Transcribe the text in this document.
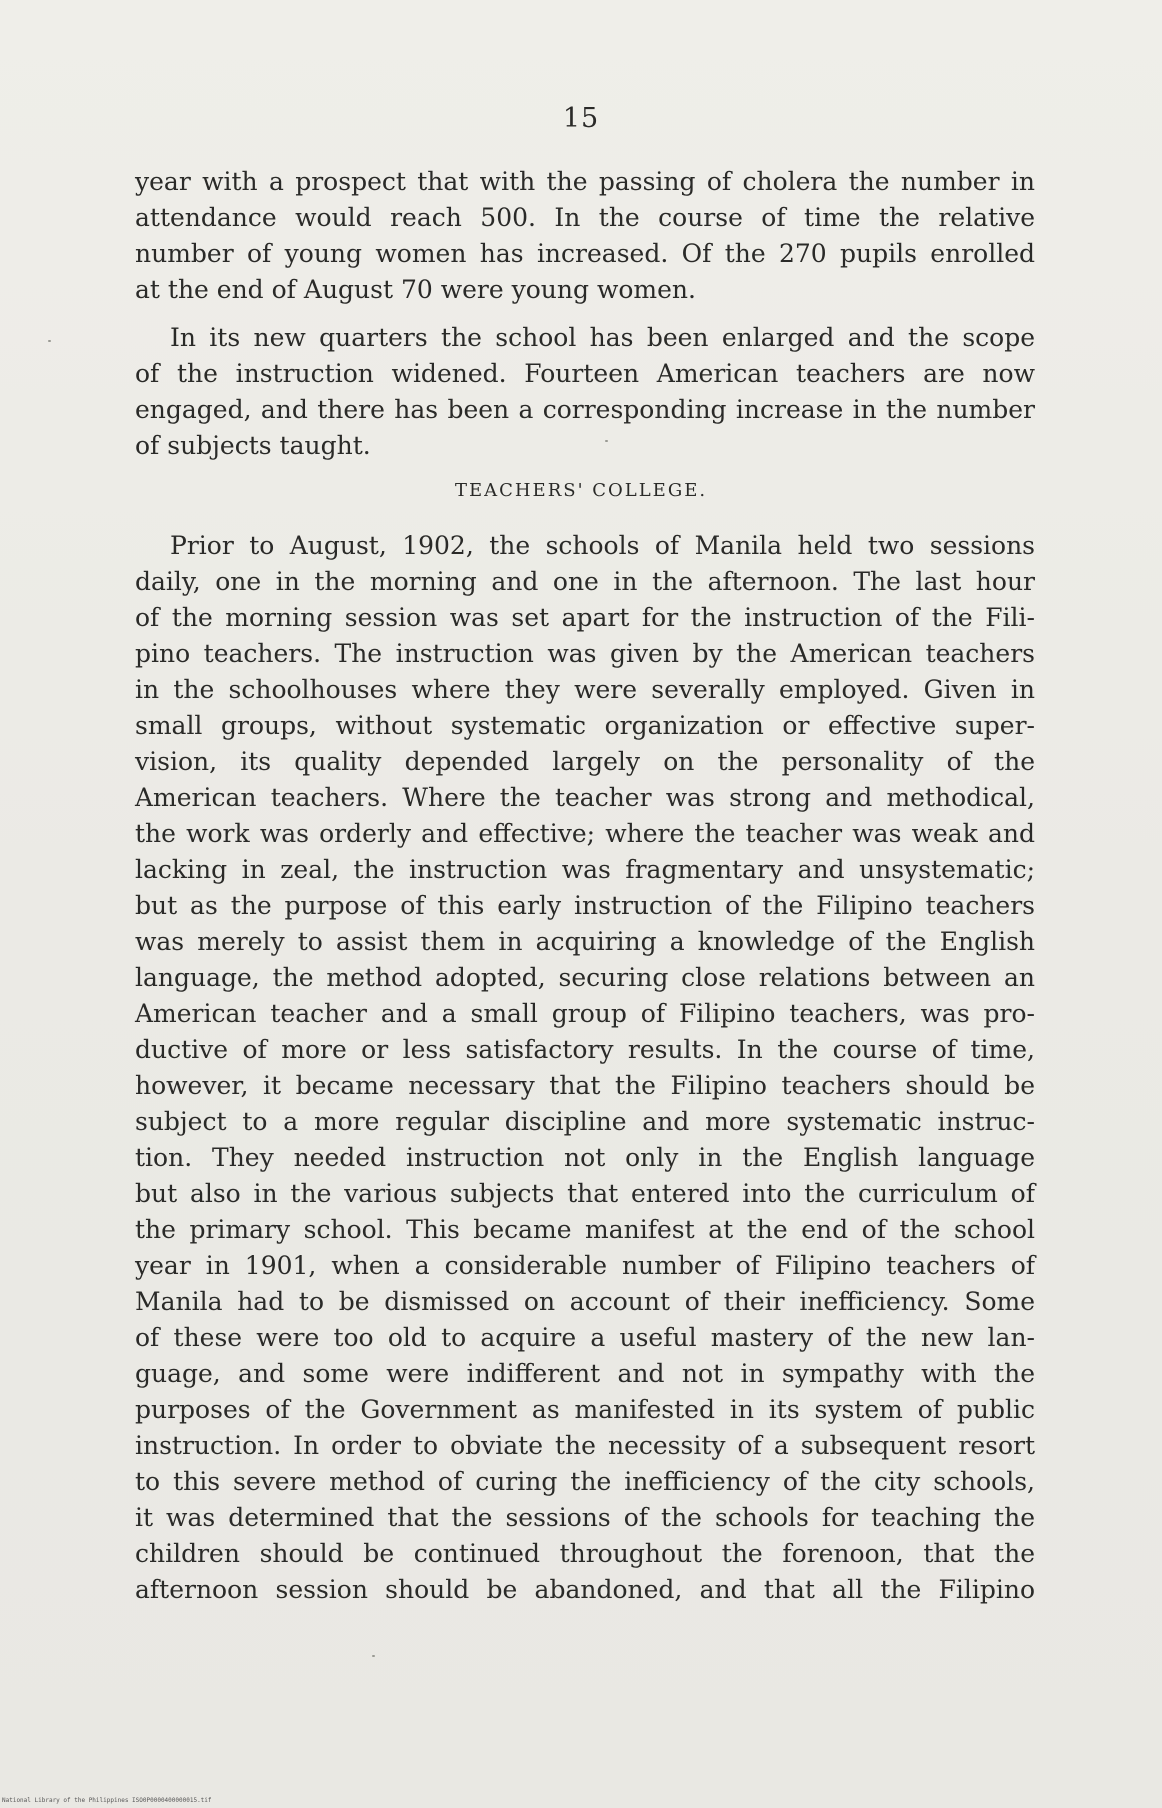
15
year with a prospect that with the passing of cholera the number in
attendance would reach 500. In the course of time the relative
number of young women has increased. Of the 270 pupils enrolled
at the end of August 70 were young women.
In its new quarters the school has been enlarged and the scope
of the instruction widened. Fourteen American teachers are now
engaged, and there has been a corresponding increase in the number
of subjects taught.
TEACHERS' COLLEGE.
Prior to August, 1902, the schools of Manila held two sessions
daily, one in the morning and one in the afternoon. The last hour
of the morning session was set apart for the instruction of the Fili-
pino teachers. The instruction was given by the American teachers
in the schoolhouses where they were severally employed. Given in
small groups, without systematic organization or effective super-
vision, its quality depended largely on the personality of the
American teachers. Where the teacher was strong and methodical,
the work was orderly and effective; where the teacher was weak and
lacking in zeal, the instruction was fragmentary and unsystematic;
but as the purpose of this early instruction of the Filipino teachers
was merely to assist them in acquiring a knowledge of the English
language, the method adopted, securing close relations between an
American teacher and a small group of Filipino teachers, was pro-
ductive of more or less satisfactory results. In the course of time,
however, it became necessary that the Filipino teachers should be
subject to a more regular discipline and more systematic instruc-
tion. They needed instruction not only in the English language
but also in the various subjects that entered into the curriculum of
the primary school. This became manifest at the end of the school
year in 1901, when a considerable number of Filipino teachers of
Manila had to be dismissed on account of their inefficiency. Some
of these were too old to acquire a useful mastery of the new lan-
guage, and some were indifferent and not in sympathy with the
purposes of the Government as manifested in its system of public
instruction. In order to obviate the necessity of a subsequent resort
to this severe method of curing the inefficiency of the city schools,
it was determined that the sessions of the schools for teaching the
children should be continued throughout the forenoon, that the
afternoon session should be abandoned, and that all the Filipino
National Library of the Philippines ISO0P0000400000015.tif
